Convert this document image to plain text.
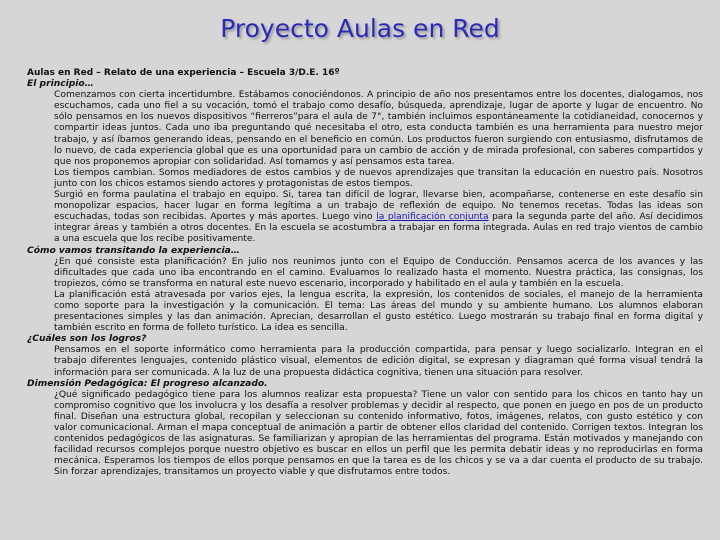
Proyecto Aulas en Red
Aulas en Red – Relato de una experiencia – Escuela 3/D.E. 16º
El principio…

Comenzamos con cierta incertidumbre. Estábamos conociéndonos. A principio de año nos presentamos entre los docentes, dialogamos, nos escuchamos, cada uno fiel a su vocación, tomó el trabajo como desafío, búsqueda, aprendizaje, lugar de aporte y lugar de encuentro. No sólo pensamos en los nuevos dispositivos “fierreros”para el aula de 7°, también incluimos espontáneamente la cotidianeidad, conocernos y compartir ideas juntos. Cada uno iba preguntando qué necesitaba el otro, esta conducta también es una herramienta para nuestro mejor trabajo, y así íbamos generando ideas, pensando en el beneficio en común. Los productos fueron surgiendo con entusiasmo, disfrutamos de lo nuevo, de cada experiencia global que es una oportunidad para un cambio de acción y de mirada profesional, con saberes compartidos y que nos proponemos apropiar con solidaridad. Así tomamos y así pensamos esta tarea.

Los tiempos cambian. Somos mediadores de estos cambios y de nuevos aprendizajes que transitan la educación en nuestro país. Nosotros junto con los chicos estamos siendo actores y protagonistas de estos tiempos.

Surgió en forma paulatina el trabajo en equipo. Si, tarea tan difícil de lograr, llevarse bien, acompañarse, contenerse en este desafío sin monopolizar espacios, hacer lugar en forma legítima a un trabajo de reflexión de equipo. No tenemos recetas. Todas las ideas son escuchadas, todas son recibidas. Aportes y más aportes. Luego vino la planificación conjunta para la segunda parte del año. Así decidimos integrar áreas y también a otros docentes. En la escuela se acostumbra a trabajar en forma integrada. Aulas en red trajo vientos de cambio a una escuela que los recibe positivamente.

Cómo vamos transitando la experiencia…

¿En qué consiste esta planificación? En julio nos reunimos junto con el Equipo de Conducción. Pensamos acerca de los avances y las dificultades que cada uno iba encontrando en el camino. Evaluamos lo realizado hasta el momento. Nuestra práctica, las consignas, los tropiezos, cómo se transforma en natural este nuevo escenario, incorporado y habilitado en el aula y también en la escuela.

La planificación está atravesada por varios ejes, la lengua escrita, la expresión, los contenidos de sociales, el manejo de la herramienta como soporte para la investigación y la comunicación. El tema: Las áreas del mundo y su ambiente humano. Los alumnos elaboran presentaciones simples y las dan animación. Aprecian, desarrollan el gusto estético. Luego mostrarán su trabajo final en forma digital y también escrito en forma de folleto turístico. La idea es sencilla.

¿Cuáles son los logros?

Pensamos en el soporte informático como herramienta para la producción compartida, para pensar y luego socializarlo. Integran en el trabajo diferentes lenguajes, contenido plástico visual, elementos de edición digital, se expresan y diagraman qué forma visual tendrá la información para ser comunicada. A la luz de una propuesta didáctica cognitiva, tienen una situación para resolver.

Dimensión Pedagógica: El progreso alcanzado.

¿Qué significado pedagógico tiene para los alumnos realizar esta propuesta? Tiene un valor con sentido para los chicos en tanto hay un compromiso cognitivo que los involucra y los desafía a resolver problemas y decidir al respecto, que ponen en juego en pos de un producto final. Diseñan una estructura global, recopilan y seleccionan su contenido informativo, fotos, imágenes, relatos, con gusto estético y con valor comunicacional. Arman el mapa conceptual de animación a partir de obtener ellos claridad del contenido. Corrigen textos. Integran los contenidos pedagógicos de las asignaturas. Se familiarizan y apropian de las herramientas del programa. Están motivados y manejando con facilidad recursos complejos porque nuestro objetivo es buscar en ellos un perfil que les permita debatir ideas y no reproducirlas en forma mecánica. Esperamos los tiempos de ellos porque pensamos en que la tarea es de los chicos y se va a dar cuenta el producto de su trabajo. Sin forzar aprendizajes, transitamos un proyecto viable y que disfrutamos entre todos.
